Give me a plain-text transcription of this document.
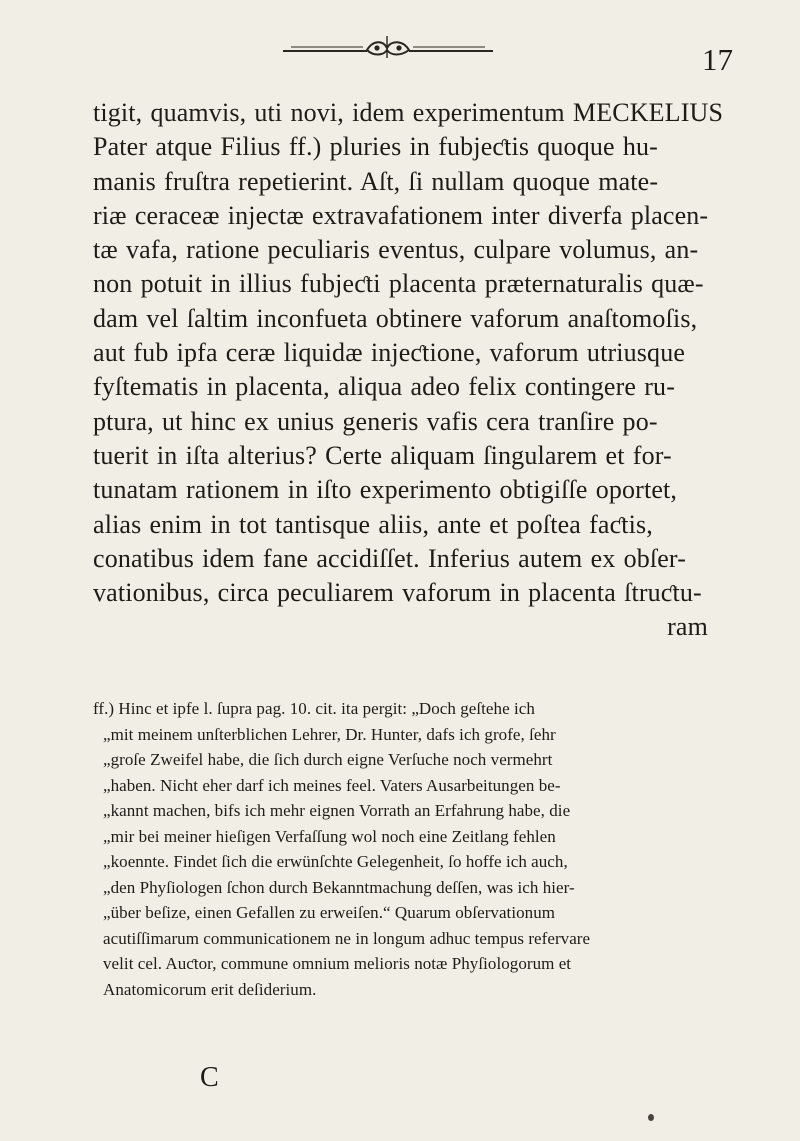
17
tigit, quamvis, uti novi, idem experimentum MECKELIUS
Pater atque Filius ff.) pluries in fubjeƈtis quoque hu-
manis fruſtra repetierint. Aſt, ſi nullam quoque mate-
riæ ceraceæ injectæ extravafationem inter diverfa placen-
tæ vafa, ratione peculiaris eventus, culpare volumus, an-
non potuit in illius fubjeƈti placenta præternaturalis quæ-
dam vel ſaltim inconfueta obtinere vaforum anaſtomoſis,
aut fub ipfa ceræ liquidæ injeƈtione, vaforum utriusque
fyſtematis in placenta, aliqua adeo felix contingere ru-
ptura, ut hinc ex unius generis vafis cera tranſire po-
tuerit in iſta alterius? Certe aliquam ſingularem et for-
tunatam rationem in iſto experimento obtigiſſe oportet,
alias enim in tot tantisque aliis, ante et poſtea faƈtis,
conatibus idem fane accidiſſet. Inferius autem ex obſer-
vationibus, circa peculiarem vaforum in placenta ſtruƈtu-
ram
ff.) Hinc et ipfe l. ſupra pag. 10. cit. ita pergit: „Doch geſtehe ich
„mit meinem unſterblichen Lehrer, Dr. Hunter, dafs ich grofe, ſehr
„groſe Zweifel habe, die ſich durch eigne Verſuche noch vermehrt
„haben. Nicht eher darf ich meines feel. Vaters Ausarbeitungen be-
„kannt machen, bifs ich mehr eignen Vorrath an Erfahrung habe, die
„mir bei meiner hieſigen Verfaſſung wol noch eine Zeitlang fehlen
„koennte. Findet ſich die erwünſchte Gelegenheit, ſo hoffe ich auch,
„den Phyſiologen ſchon durch Bekanntmachung deſſen, was ich hier-
„über beſize, einen Gefallen zu erweiſen.“ Quarum obſervationum
acutiſſimarum communicationem ne in longum adhuc tempus refervare
velit cel. Auƈtor, commune omnium melioris notæ Phyſiologorum et
Anatomicorum erit deſiderium.
C
